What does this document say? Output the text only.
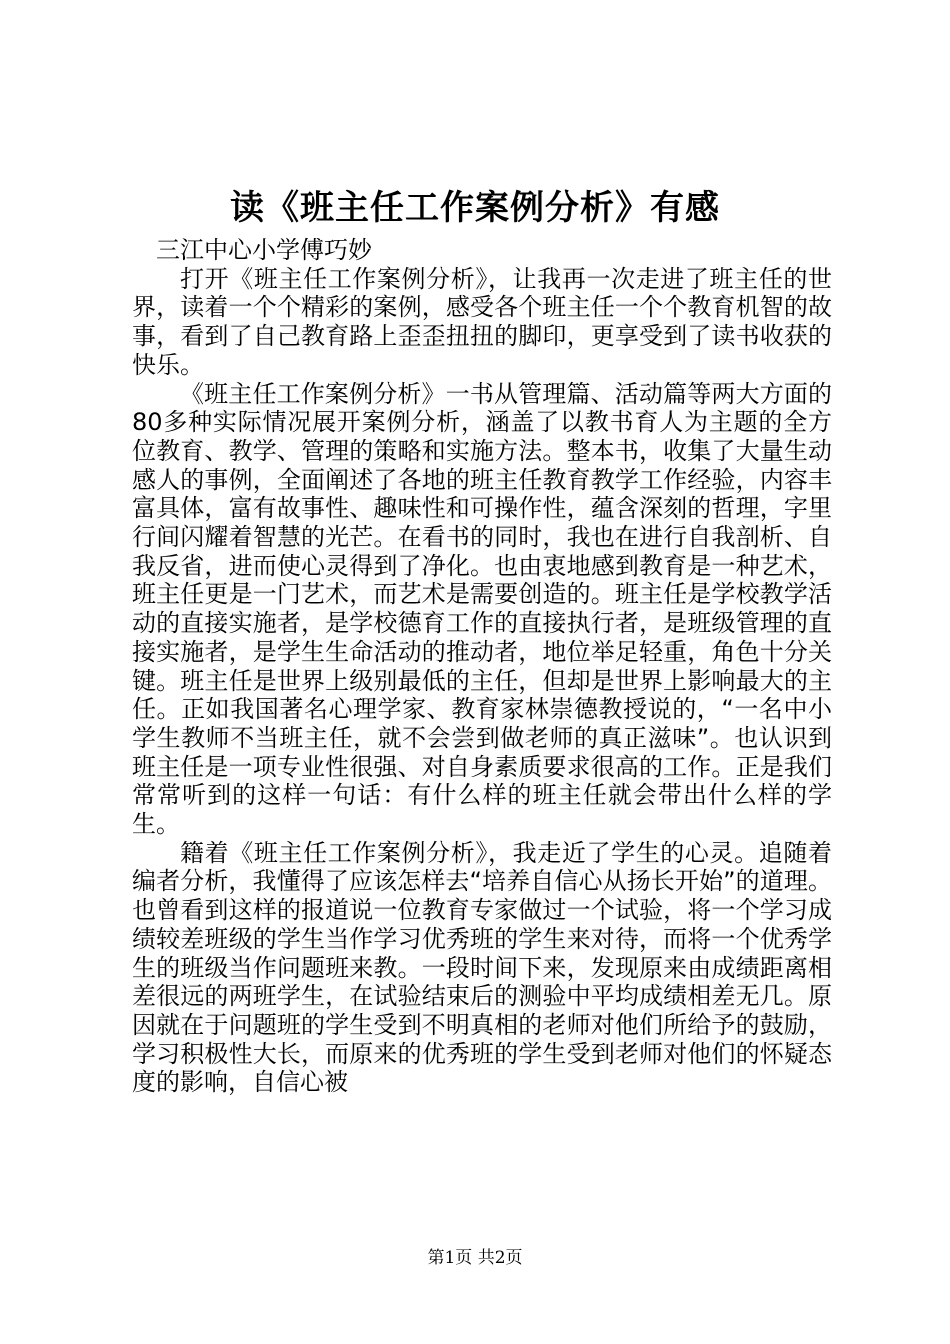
读《班主任工作案例分析》有感

三江中心小学傅巧妙

打开《班主任工作案例分析》，让我再一次走进了班主任的世界，读着一个个精彩的案例，感受各个班主任一个个教育机智的故事，看到了自己教育路上歪歪扭扭的脚印，更享受到了读书收获的快乐。

《班主任工作案例分析》一书从管理篇、活动篇等两大方面的80多种实际情况展开案例分析，涵盖了以教书育人为主题的全方位教育、教学、管理的策略和实施方法。整本书，收集了大量生动感人的事例，全面阐述了各地的班主任教育教学工作经验，内容丰富具体，富有故事性、趣味性和可操作性，蕴含深刻的哲理，字里行间闪耀着智慧的光芒。在看书的同时，我也在进行自我剖析、自我反省，进而使心灵得到了净化。也由衷地感到教育是一种艺术，班主任更是一门艺术，而艺术是需要创造的。班主任是学校教学活动的直接实施者，是学校德育工作的直接执行者，是班级管理的直接实施者，是学生生命活动的推动者，地位举足轻重，角色十分关键。班主任是世界上级别最低的主任，但却是世界上影响最大的主任。正如我国著名心理学家、教育家林崇德教授说的，“一名中小学生教师不当班主任，就不会尝到做老师的真正滋味”。也认识到班主任是一项专业性很强、对自身素质要求很高的工作。正是我们常常听到的这样一句话：有什么样的班主任就会带出什么样的学生。

籍着《班主任工作案例分析》，我走近了学生的心灵。追随着编者分析，我懂得了应该怎样去“培养自信心从扬长开始”的道理。也曾看到这样的报道说一位教育专家做过一个试验，将一个学习成绩较差班级的学生当作学习优秀班的学生来对待，而将一个优秀学生的班级当作问题班来教。一段时间下来，发现原来由成绩距离相差很远的两班学生，在试验结束后的测验中平均成绩相差无几。原因就在于问题班的学生受到不明真相的老师对他们所给予的鼓励，学习积极性大长，而原来的优秀班的学生受到老师对他们的怀疑态度的影响，自信心被

第1页 共2页
